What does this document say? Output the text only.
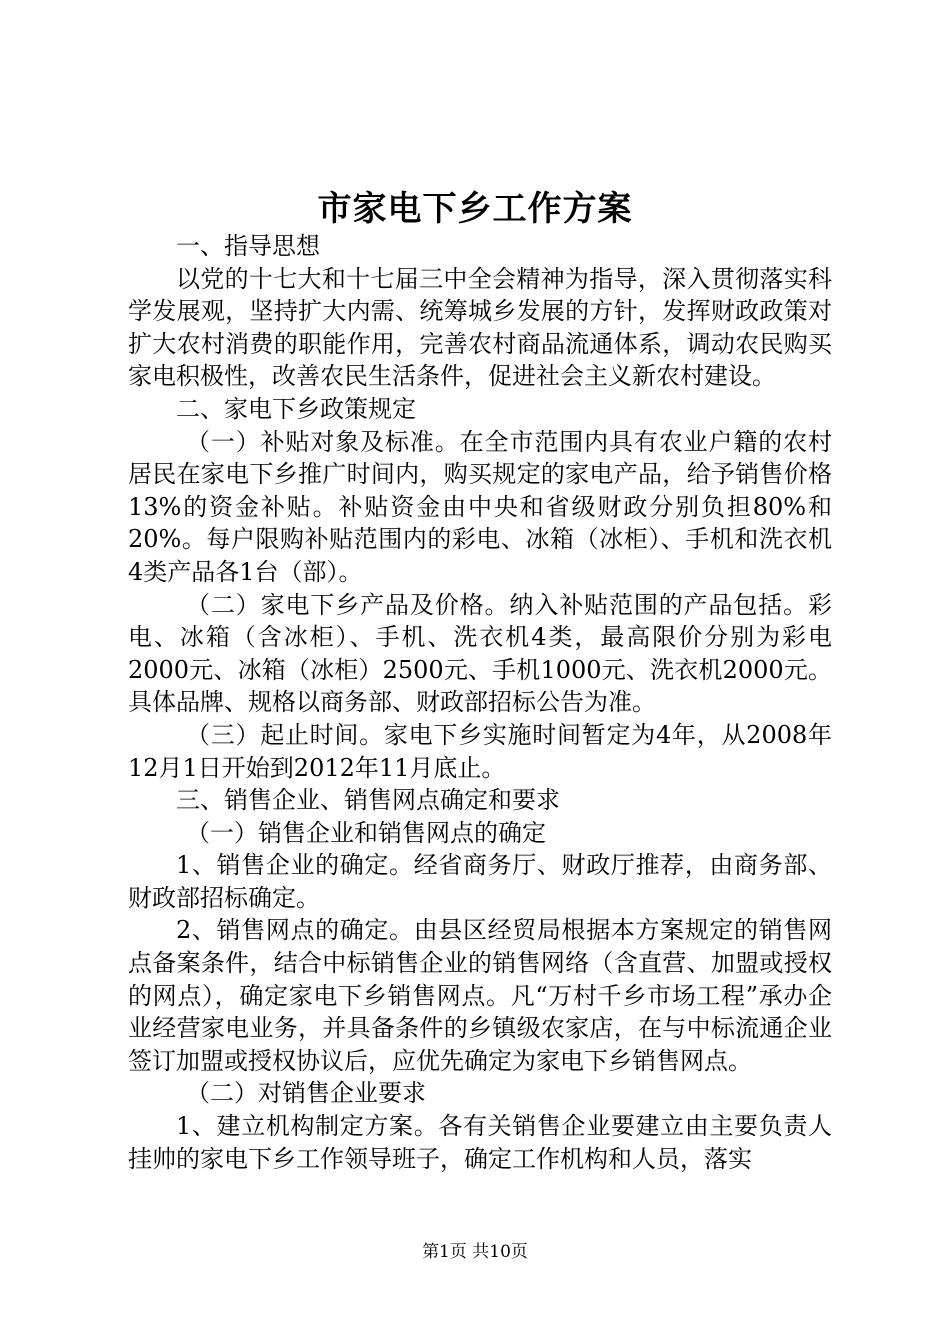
市家电下乡工作方案

一、指导思想

以党的十七大和十七届三中全会精神为指导，深入贯彻落实科学发展观，坚持扩大内需、统筹城乡发展的方针，发挥财政政策对扩大农村消费的职能作用，完善农村商品流通体系，调动农民购买家电积极性，改善农民生活条件，促进社会主义新农村建设。

二、家电下乡政策规定

（一）补贴对象及标准。在全市范围内具有农业户籍的农村居民在家电下乡推广时间内，购买规定的家电产品，给予销售价格13%的资金补贴。补贴资金由中央和省级财政分别负担80%和20%。每户限购补贴范围内的彩电、冰箱（冰柜）、手机和洗衣机4类产品各1台（部）。

（二）家电下乡产品及价格。纳入补贴范围的产品包括。彩电、冰箱（含冰柜）、手机、洗衣机4类，最高限价分别为彩电2000元、冰箱（冰柜）2500元、手机1000元、洗衣机2000元。具体品牌、规格以商务部、财政部招标公告为准。

（三）起止时间。家电下乡实施时间暂定为4年，从2008年12月1日开始到2012年11月底止。

三、销售企业、销售网点确定和要求

（一）销售企业和销售网点的确定

1、销售企业的确定。经省商务厅、财政厅推荐，由商务部、财政部招标确定。

2、销售网点的确定。由县区经贸局根据本方案规定的销售网点备案条件，结合中标销售企业的销售网络（含直营、加盟或授权的网点），确定家电下乡销售网点。凡“万村千乡市场工程”承办企业经营家电业务，并具备条件的乡镇级农家店，在与中标流通企业签订加盟或授权协议后，应优先确定为家电下乡销售网点。

（二）对销售企业要求

1、建立机构制定方案。各有关销售企业要建立由主要负责人挂帅的家电下乡工作领导班子，确定工作机构和人员，落实

第1页 共10页
